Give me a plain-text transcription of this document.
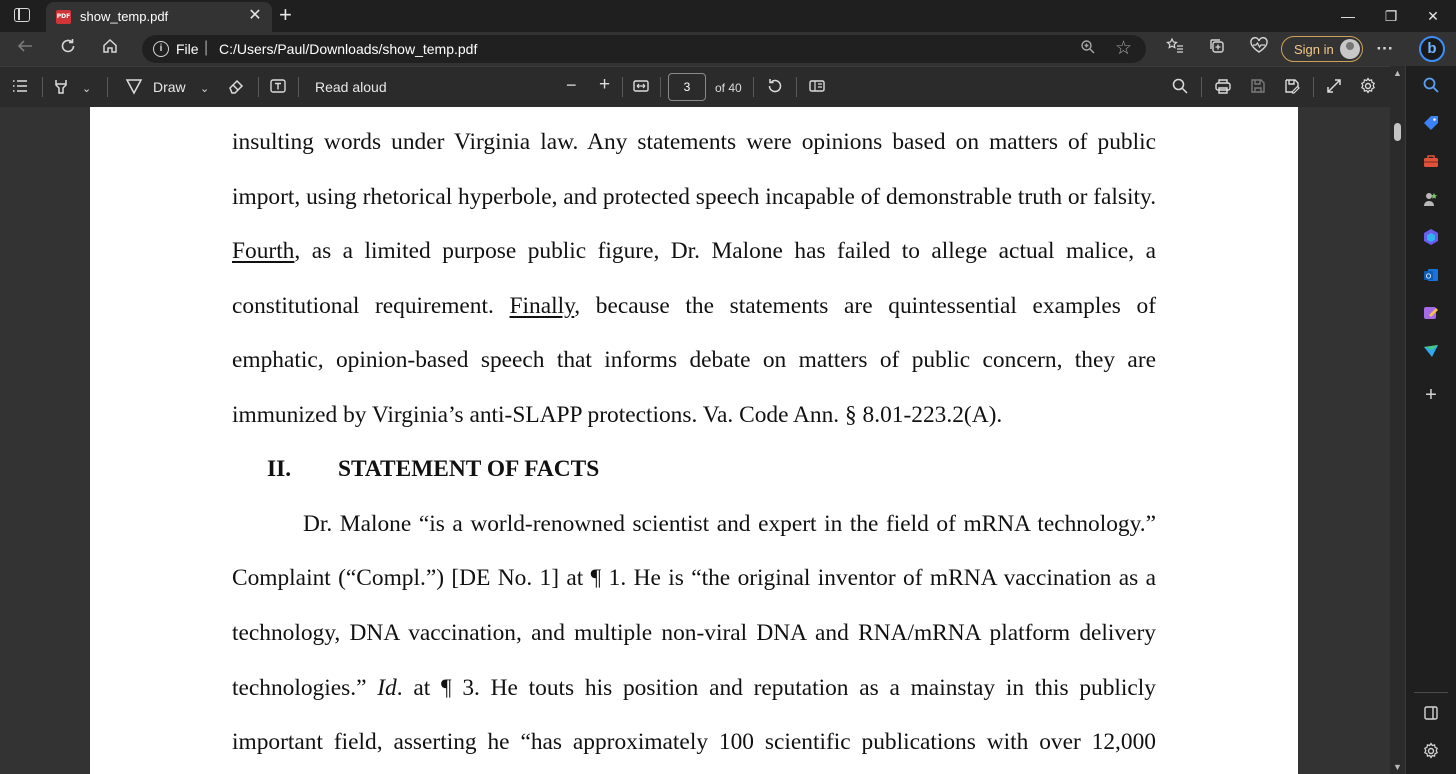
PDF show_temp.pdf	✕ +	—	❐	✕
i File | C:/Users/Paul/Downloads/show_temp.pdf	☆	Sign in	···	b
⌄	Draw ⌄	Read aloud	− +	3	of 40
insulting words under Virginia law. Any statements were opinions based on matters of public
import, using rhetorical hyperbole, and protected speech incapable of demonstrable truth or falsity.
Fourth, as a limited purpose public figure, Dr. Malone has failed to allege actual malice, a
constitutional requirement. Finally, because the statements are quintessential examples of
emphatic, opinion-based speech that informs debate on matters of public concern, they are
immunized by Virginia’s anti-SLAPP protections. Va. Code Ann. § 8.01-223.2(A).
II. STATEMENT OF FACTS
Dr. Malone “is a world-renowned scientist and expert in the field of mRNA technology.”
Complaint (“Compl.”) [DE No. 1] at ¶ 1. He is “the original inventor of mRNA vaccination as a
technology, DNA vaccination, and multiple non-viral DNA and RNA/mRNA platform delivery
technologies.” Id. at ¶ 3. He touts his position and reputation as a mainstay in this publicly
important field, asserting he “has approximately 100 scientific publications with over 12,000
▲
▼
O
+
